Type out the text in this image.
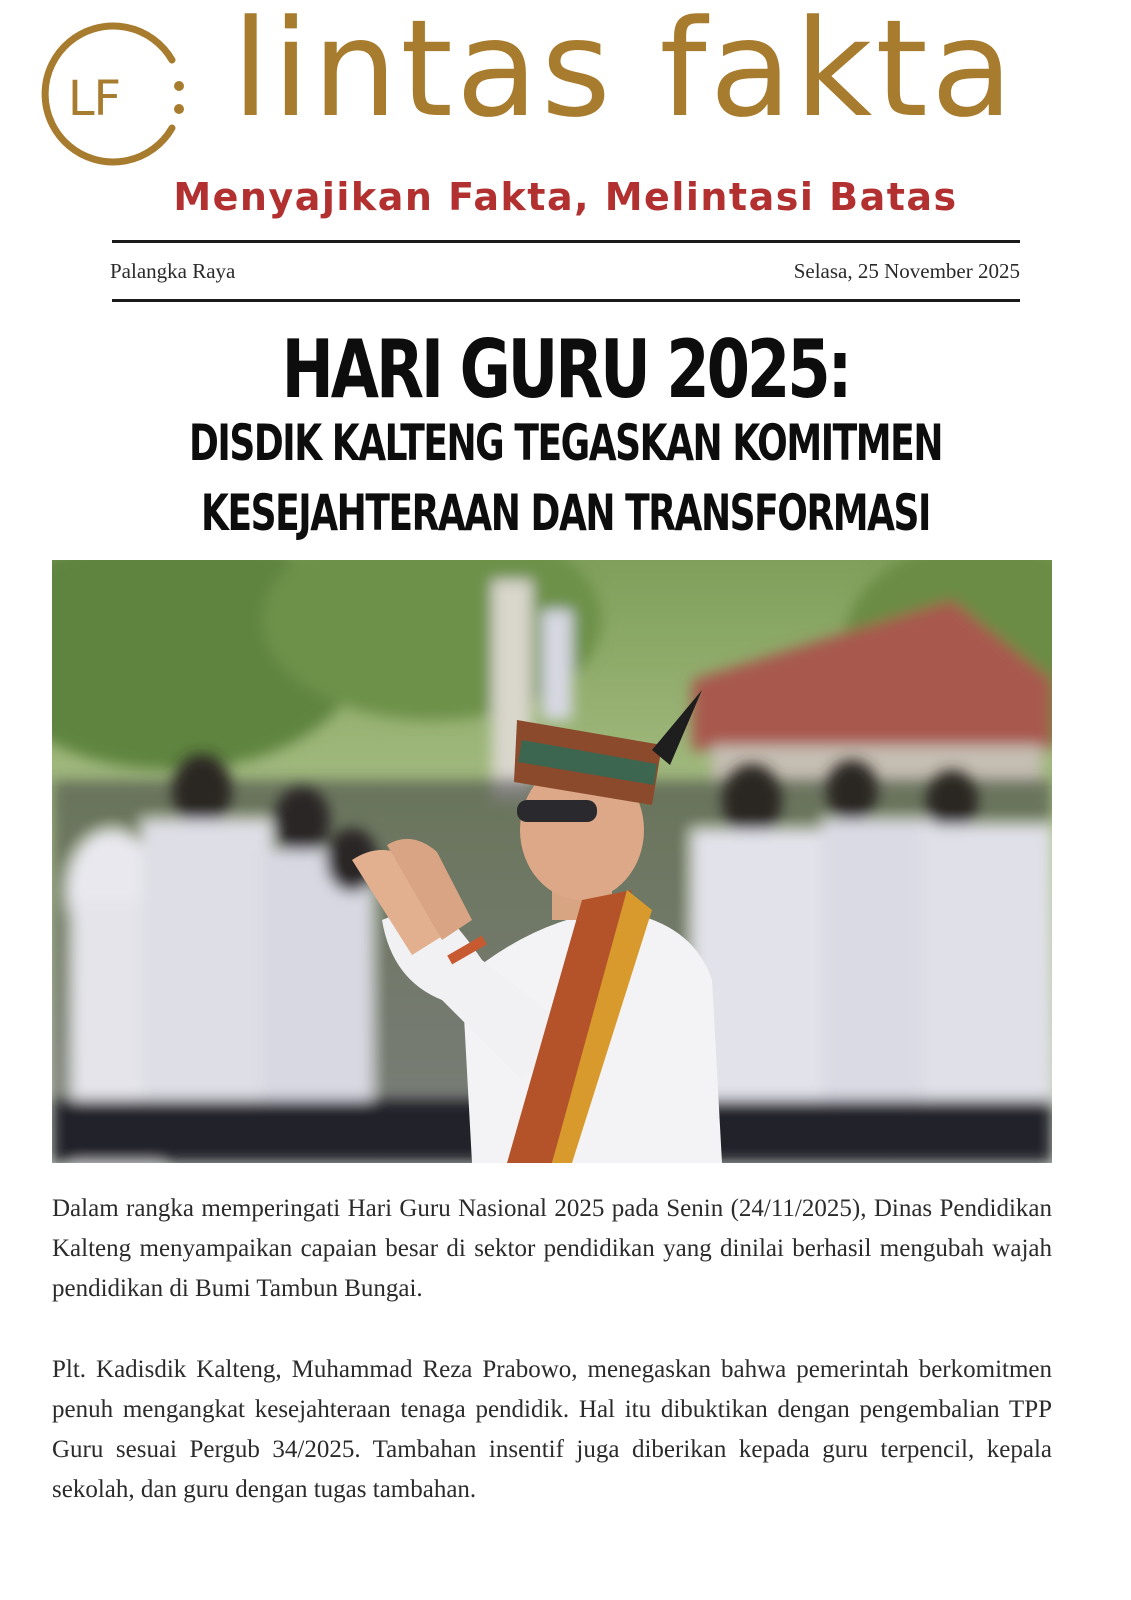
LF lintas fakta
Menyajikan Fakta, Melintasi Batas
Palangka Raya	Selasa, 25 November 2025
HARI GURU 2025:
DISDIK KALTENG TEGASKAN KOMITMEN
KESEJAHTERAAN DAN TRANSFORMASI

Dalam rangka memperingati Hari Guru Nasional 2025 pada Senin (24/11/2025), Dinas Pendidikan Kalteng menyampaikan capaian besar di sektor pendidikan yang dinilai berhasil mengubah wajah pendidikan di Bumi Tambun Bungai.

Plt. Kadisdik Kalteng, Muhammad Reza Prabowo, menegaskan bahwa pemerintah berkomitmen penuh mengangkat kesejahteraan tenaga pendidik. Hal itu dibuktikan dengan pengembalian TPP Guru sesuai Pergub 34/2025. Tambahan insentif juga diberikan kepada guru terpencil, kepala sekolah, dan guru dengan tugas tambahan.
